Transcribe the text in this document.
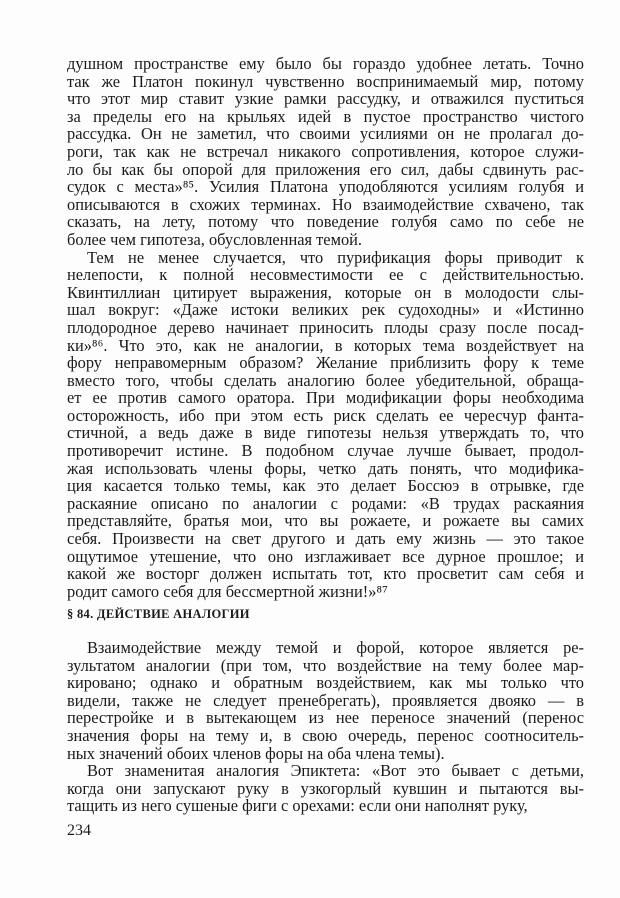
душном пространстве ему было бы гораздо удобнее летать. Точно
так же Платон покинул чувственно воспринимаемый мир, потому
что этот мир ставит узкие рамки рассудку, и отважился пуститься
за пределы его на крыльях идей в пустое пространство чистого
рассудка. Он не заметил, что своими усилиями он не пролагал до-
роги, так как не встречал никакого сопротивления, которое служи-
ло бы как бы опорой для приложения его сил, дабы сдвинуть рас-
судок с места»⁸⁵. Усилия Платона уподобляются усилиям голубя и
описываются в схожих терминах. Но взаимодействие схвачено, так
сказать, на лету, потому что поведение голубя само по себе не
более чем гипотеза, обусловленная темой.
Тем не менее случается, что пурификация форы приводит к
нелепости, к полной несовместимости ее с действительностью.
Квинтиллиан цитирует выражения, которые он в молодости слы-
шал вокруг: «Даже истоки великих рек судоходны» и «Истинно
плодородное дерево начинает приносить плоды сразу после посад-
ки»⁸⁶. Что это, как не аналогии, в которых тема воздействует на
фору неправомерным образом? Желание приблизить фору к теме
вместо того, чтобы сделать аналогию более убедительной, обраща-
ет ее против самого оратора. При модификации форы необходима
осторожность, ибо при этом есть риск сделать ее чересчур фанта-
стичной, а ведь даже в виде гипотезы нельзя утверждать то, что
противоречит истине. В подобном случае лучше бывает, продол-
жая использовать члены форы, четко дать понять, что модифика-
ция касается только темы, как это делает Боссюэ в отрывке, где
раскаяние описано по аналогии с родами: «В трудах раскаяния
представляйте, братья мои, что вы рожаете, и рожаете вы самих
себя. Произвести на свет другого и дать ему жизнь — это такое
ощутимое утешение, что оно изглаживает все дурное прошлое; и
какой же восторг должен испытать тот, кто просветит сам себя и
родит самого себя для бессмертной жизни!»⁸⁷
§ 84. ДЕЙСТВИЕ АНАЛОГИИ
Взаимодействие между темой и форой, которое является ре-
зультатом аналогии (при том, что воздействие на тему более мар-
кировано; однако и обратным воздействием, как мы только что
видели, также не следует пренебрегать), проявляется двояко — в
перестройке и в вытекающем из нее переносе значений (перенос
значения форы на тему и, в свою очередь, перенос соотноситель-
ных значений обоих членов форы на оба члена темы).
Вот знаменитая аналогия Эпиктета: «Вот это бывает с детьми,
когда они запускают руку в узкогорлый кувшин и пытаются вы-
тащить из него сушеные фиги с орехами: если они наполнят руку,
234
